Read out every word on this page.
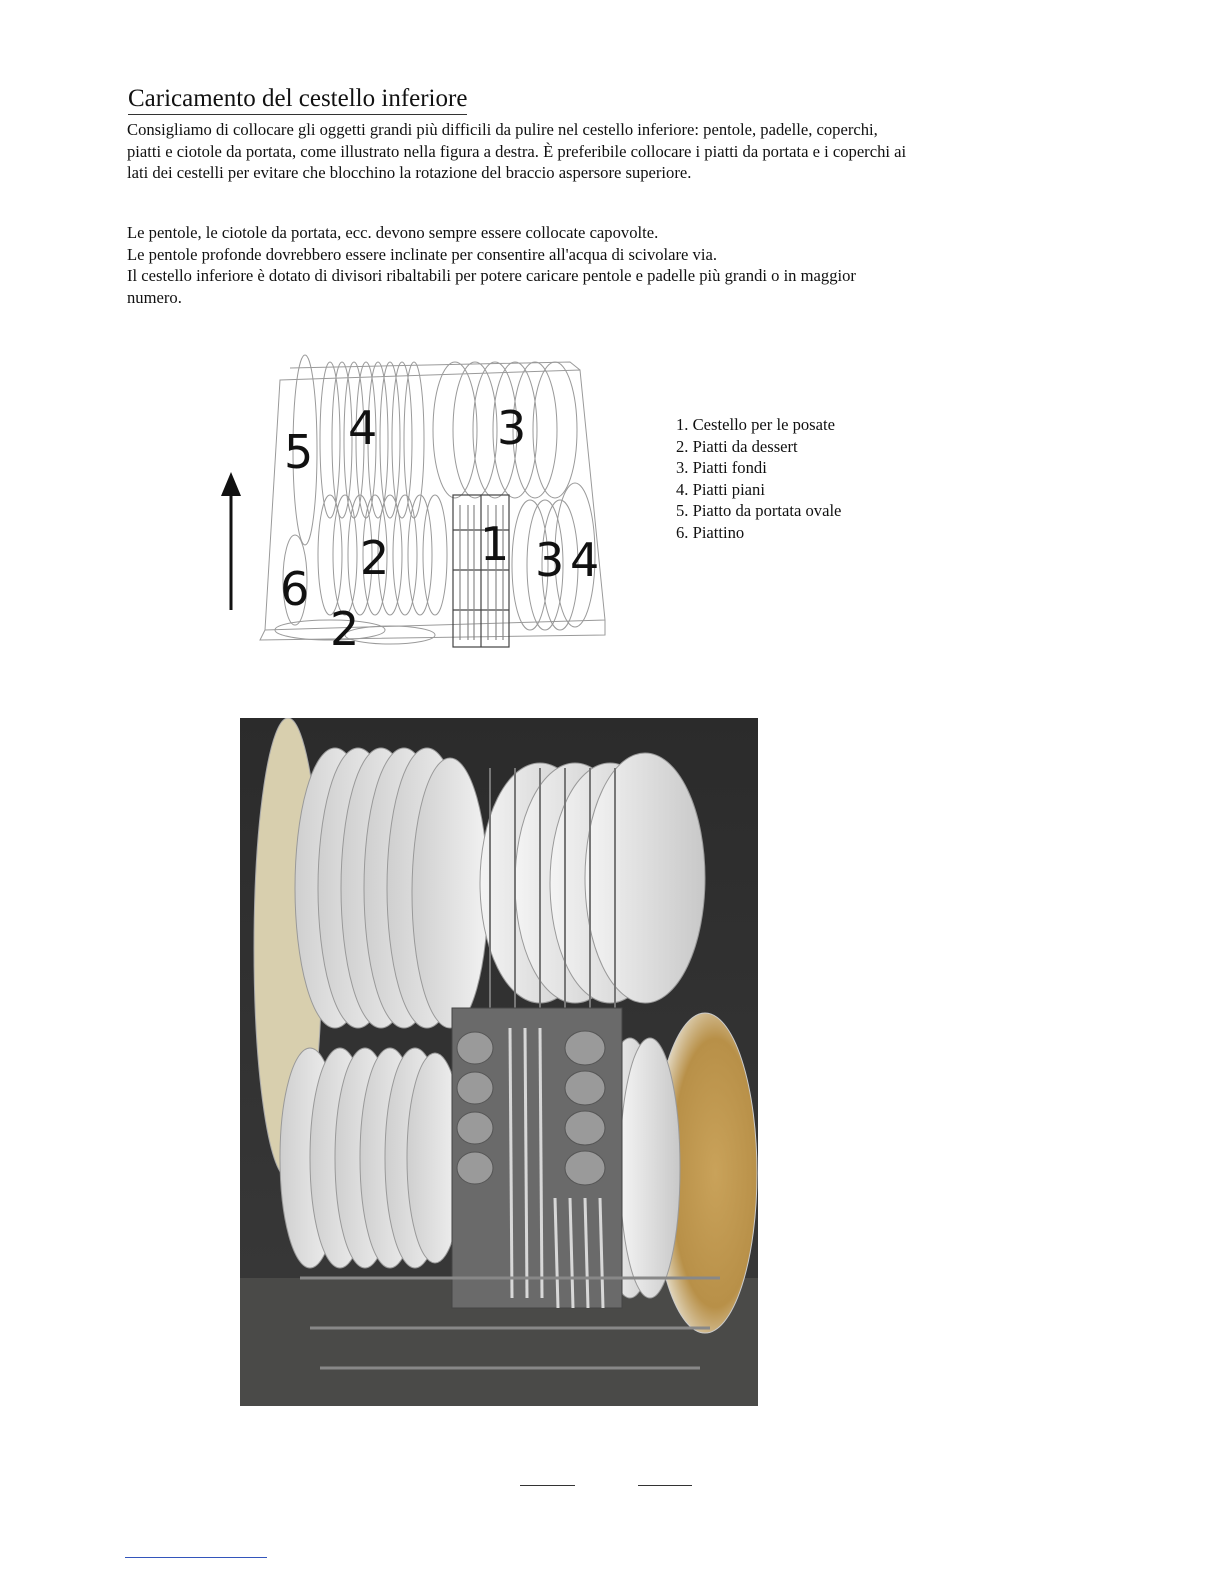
Caricamento del cestello inferiore
Consigliamo di collocare gli oggetti grandi più difficili da pulire nel cestello inferiore: pentole, padelle, coperchi, piatti e ciotole da portata, come illustrato nella figura a destra. È preferibile collocare i piatti da portata e i coperchi ai lati dei cestelli per evitare che blocchino la rotazione del braccio aspersore superiore.
Le pentole, le ciotole da portata, ecc. devono sempre essere collocate capovolte.
Le pentole profonde dovrebbero essere inclinate per consentire all'acqua di scivolare via.
Il cestello inferiore è dotato di divisori ribaltabili per potere caricare pentole e padelle più grandi o in maggior numero.
5 4	3
2 1 3 4
6
2
1. Cestello per le posate
2. Piatti da dessert
3. Piatti fondi
4. Piatti piani
5. Piatto da portata ovale
6. Piattino
